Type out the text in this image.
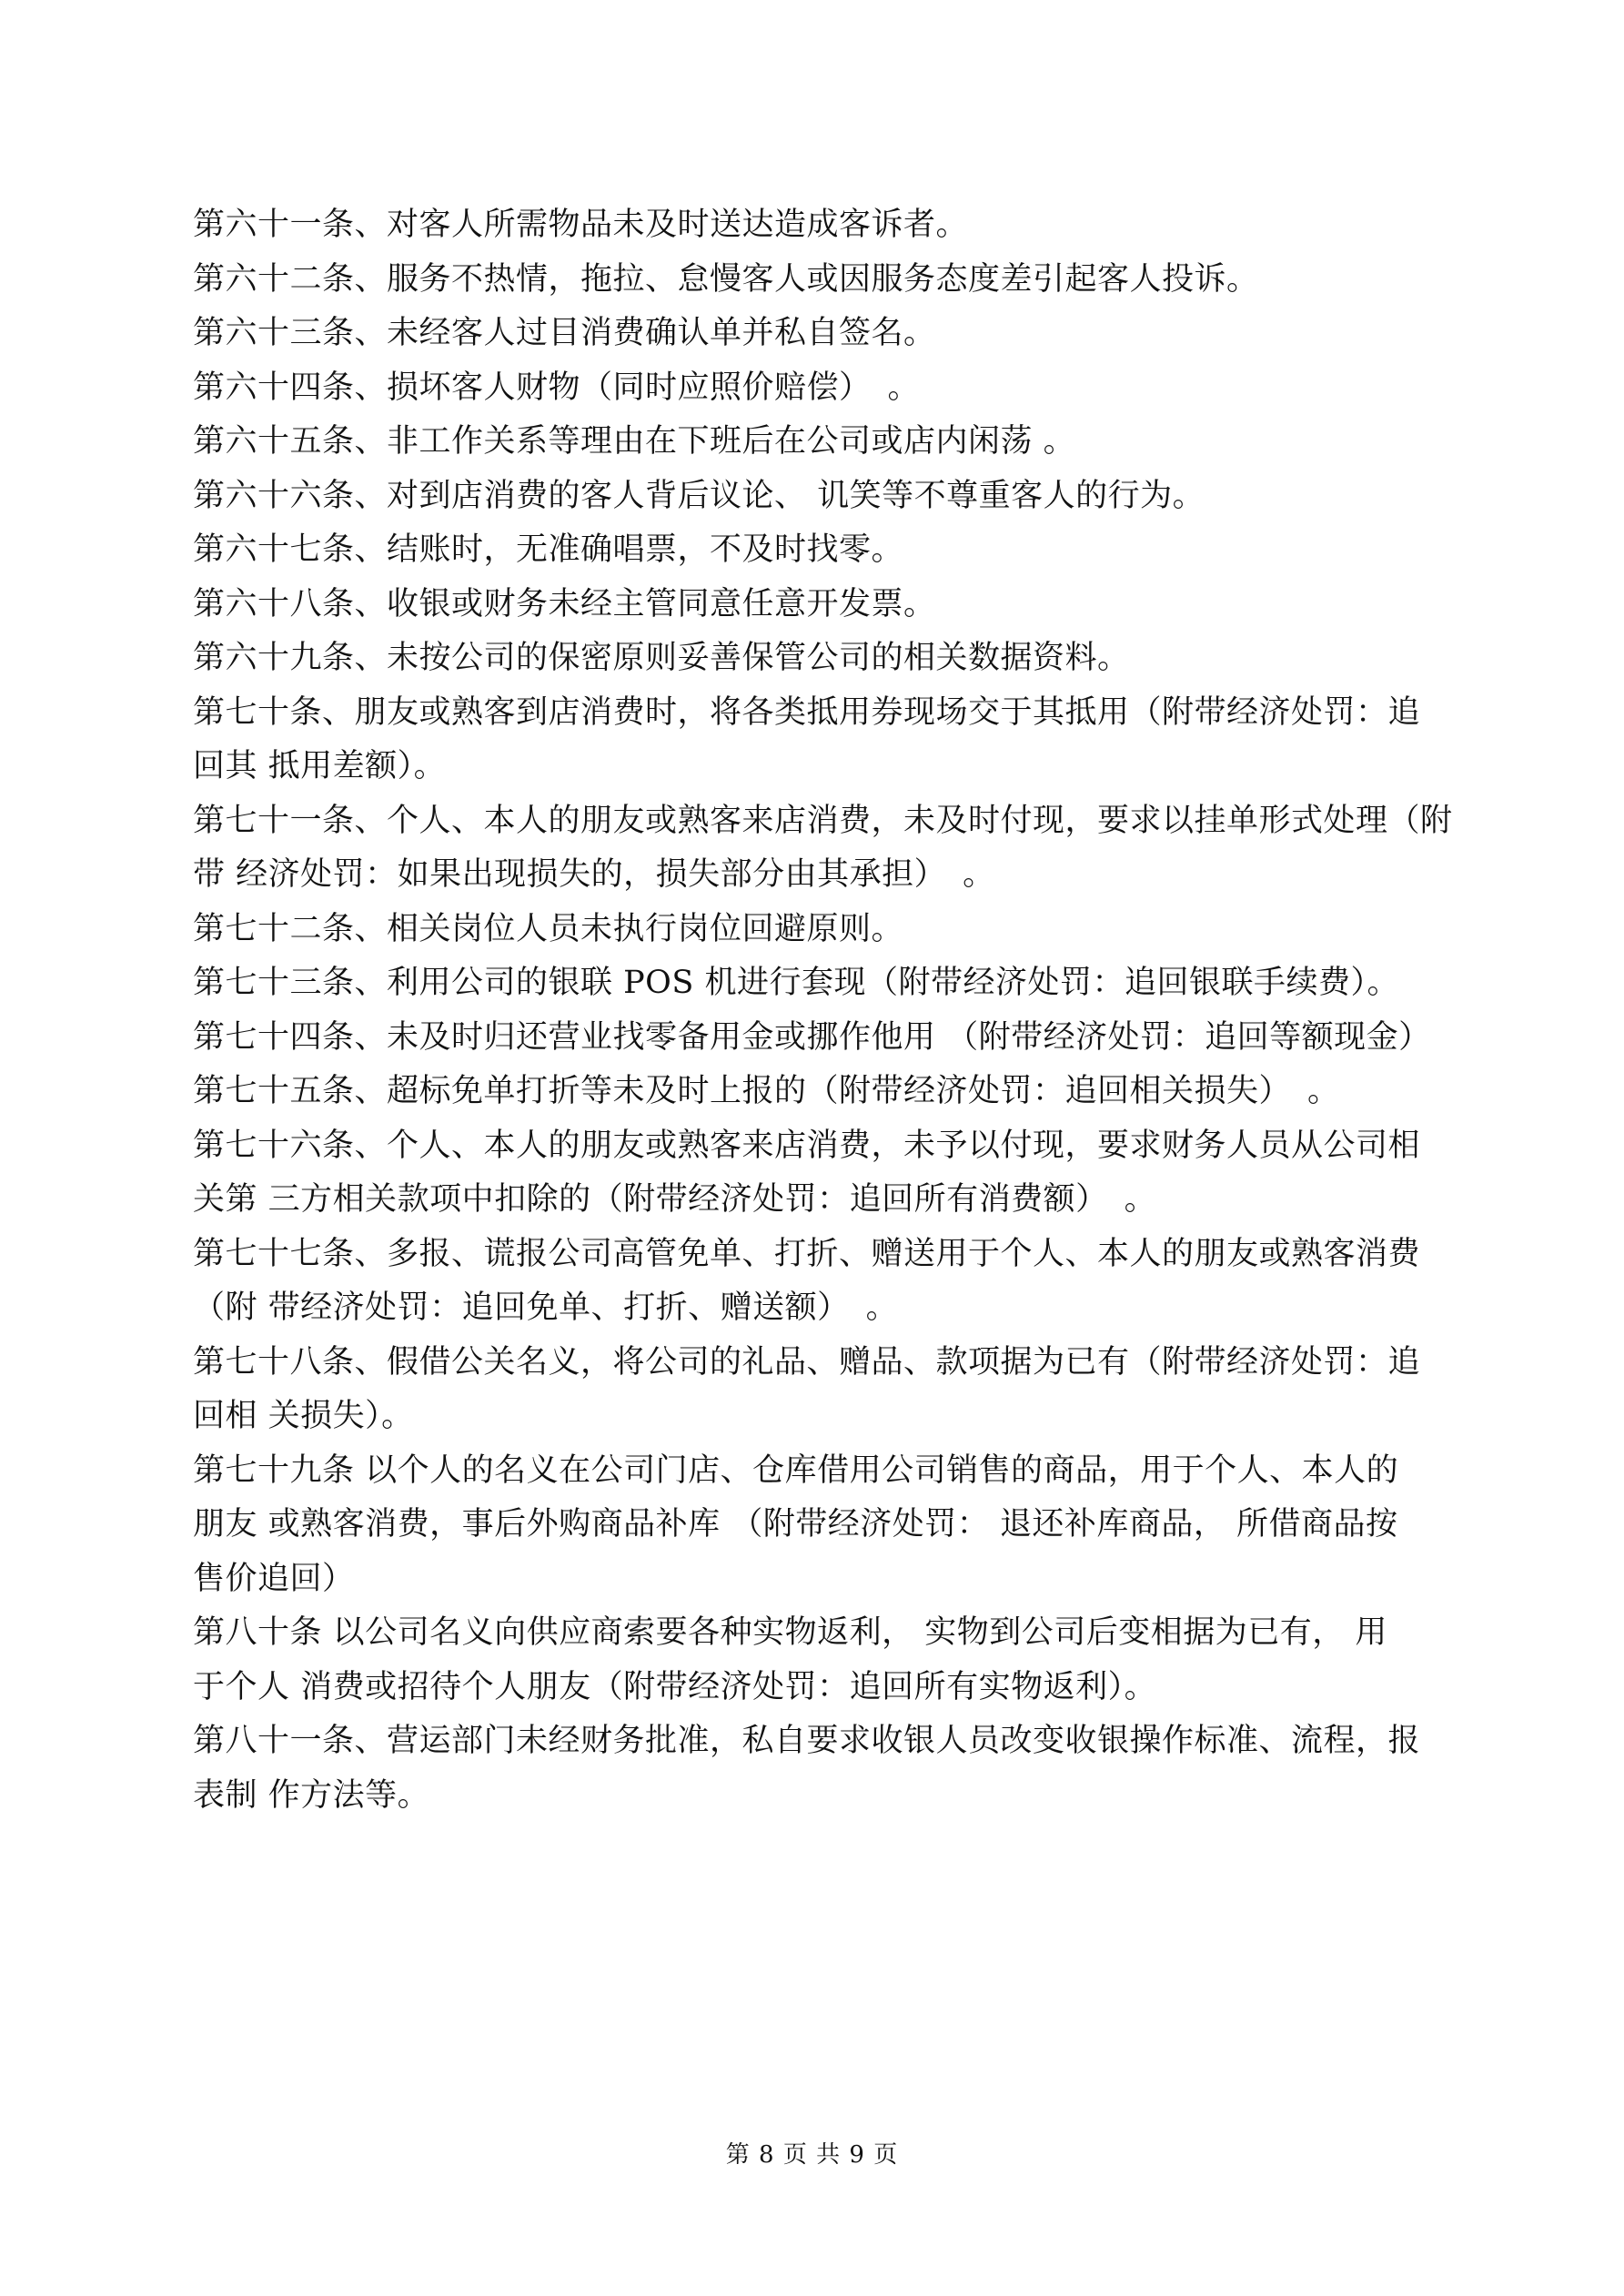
第六十一条、对客人所需物品未及时送达造成客诉者。
第六十二条、服务不热情，拖拉、怠慢客人或因服务态度差引起客人投诉。
第六十三条、未经客人过目消费确认单并私自签名。
第六十四条、损坏客人财物（同时应照价赔偿）　。
第六十五条、非工作关系等理由在下班后在公司或店内闲荡 。
第六十六条、对到店消费的客人背后议论、 讥笑等不尊重客人的行为。
第六十七条、结账时，无准确唱票，不及时找零。
第六十八条、收银或财务未经主管同意任意开发票。
第六十九条、未按公司的保密原则妥善保管公司的相关数据资料。
第七十条、朋友或熟客到店消费时，将各类抵用券现场交于其抵用（附带经济处罚：追
回其 抵用差额）。
第七十一条、个人、本人的朋友或熟客来店消费，未及时付现，要求以挂单形式处理（附
带 经济处罚：如果出现损失的，损失部分由其承担）　。
第七十二条、相关岗位人员未执行岗位回避原则。
第七十三条、利用公司的银联 POS 机进行套现（附带经济处罚：追回银联手续费）。
第七十四条、未及时归还营业找零备用金或挪作他用 （附带经济处罚：追回等额现金）
第七十五条、超标免单打折等未及时上报的（附带经济处罚：追回相关损失）　。
第七十六条、个人、本人的朋友或熟客来店消费，未予以付现，要求财务人员从公司相
关第 三方相关款项中扣除的（附带经济处罚：追回所有消费额）　。
第七十七条、多报、谎报公司高管免单、打折、赠送用于个人、本人的朋友或熟客消费
（附 带经济处罚：追回免单、打折、赠送额）　。
第七十八条、假借公关名义，将公司的礼品、赠品、款项据为已有（附带经济处罚：追
回相 关损失）。
第七十九条 以个人的名义在公司门店、仓库借用公司销售的商品，用于个人、本人的
朋友 或熟客消费，事后外购商品补库 （附带经济处罚： 退还补库商品， 所借商品按
售价追回）
第八十条 以公司名义向供应商索要各种实物返利， 实物到公司后变相据为已有， 用
于个人 消费或招待个人朋友（附带经济处罚：追回所有实物返利）。
第八十一条、营运部门未经财务批准，私自要求收银人员改变收银操作标准、流程，报
表制 作方法等。
第 8 页 共 9 页
